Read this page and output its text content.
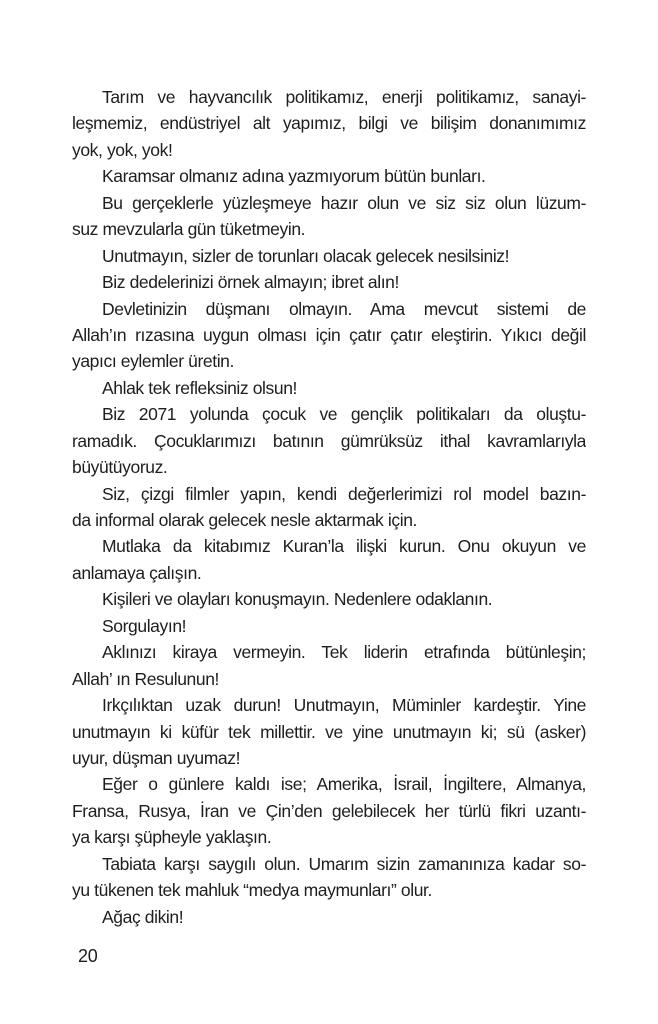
Tarım ve hayvancılık politikamız, enerji politikamız, sanayi-
leşmemiz, endüstriyel alt yapımız, bilgi ve bilişim donanımımız
yok, yok, yok!
Karamsar olmanız adına yazmıyorum bütün bunları.
Bu gerçeklerle yüzleşmeye hazır olun ve siz siz olun lüzum-
suz mevzularla gün tüketmeyin.
Unutmayın, sizler de torunları olacak gelecek nesilsiniz!
Biz dedelerinizi örnek almayın; ibret alın!
Devletinizin düşmanı olmayın. Ama mevcut sistemi de
Allah’ın rızasına uygun olması için çatır çatır eleştirin. Yıkıcı değil
yapıcı eylemler üretin.
Ahlak tek refleksiniz olsun!
Biz 2071 yolunda çocuk ve gençlik politikaları da oluştu-
ramadık. Çocuklarımızı batının gümrüksüz ithal kavramlarıyla
büyütüyoruz.
Siz, çizgi filmler yapın, kendi değerlerimizi rol model bazın-
da informal olarak gelecek nesle aktarmak için.
Mutlaka da kitabımız Kuran’la ilişki kurun. Onu okuyun ve
anlamaya çalışın.
Kişileri ve olayları konuşmayın. Nedenlere odaklanın.
Sorgulayın!
Aklınızı kiraya vermeyin. Tek liderin etrafında bütünleşin;
Allah’ ın Resulunun!
Irkçılıktan uzak durun! Unutmayın, Müminler kardeştir. Yine
unutmayın ki küfür tek millettir. ve yine unutmayın ki; sü (asker)
uyur, düşman uyumaz!
Eğer o günlere kaldı ise; Amerika, İsrail, İngiltere, Almanya,
Fransa, Rusya, İran ve Çin’den gelebilecek her türlü fikri uzantı-
ya karşı şüpheyle yaklaşın.
Tabiata karşı saygılı olun. Umarım sizin zamanınıza kadar so-
yu tükenen tek mahluk “medya maymunları” olur.
Ağaç dikin!
20
